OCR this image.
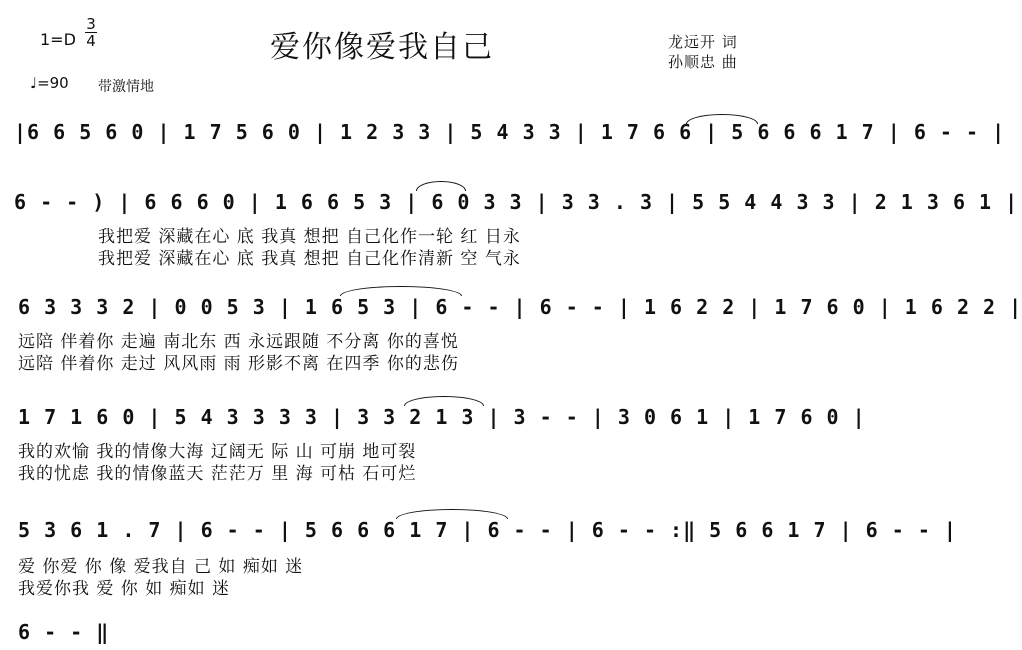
1=D
3
4
♩=90 带激情地
爱你像爱我自己	龙远开 词
孙顺忠 曲
|6 6 5 6 0 | 1 7 5 6 0 | 1 2 3 3 | 5 4 3 3 | 1 7 6 6 | 5 6 6 6 1 7 | 6 - - |
6 - - ) | 6 6 6 0 | 1 6 6 5 3 | 6 0 3 3 | 3 3 . 3 | 5 5 4 4 3 3 | 2 1 3 6 1 |
我把爱 深藏在心 底 我真 想把 自己化作一轮 红 日永
我把爱 深藏在心 底 我真 想把 自己化作清新 空 气永
6 3 3 3 2 | 0 0 5 3 | 1 6 5 3 | 6 - - | 6 - - | 1 6 2 2 | 1 7 6 0 | 1 6 2 2 |
远陪 伴着你 走遍 南北东 西 永远跟随 不分离 你的喜悦
远陪 伴着你 走过 风风雨 雨 形影不离 在四季 你的悲伤
1 7 1 6 0 | 5 4 3 3 3 3 | 3 3 2 1 3 | 3 - - | 3 0 6 1 | 1 7 6 0 |
我的欢愉 我的情像大海 辽阔无 际 山 可崩 地可裂
我的忧虑 我的情像蓝天 茫茫万 里 海 可枯 石可烂
5 3 6 1 . 7 | 6 - - | 5 6 6 6 1 7 | 6 - - | 6 - - :‖ 5 6 6 1 7 | 6 - - |
爱 你爱 你 像 爱我自 己 如 痴如 迷
我爱你我 爱 你 如 痴如 迷
6 - - ‖
